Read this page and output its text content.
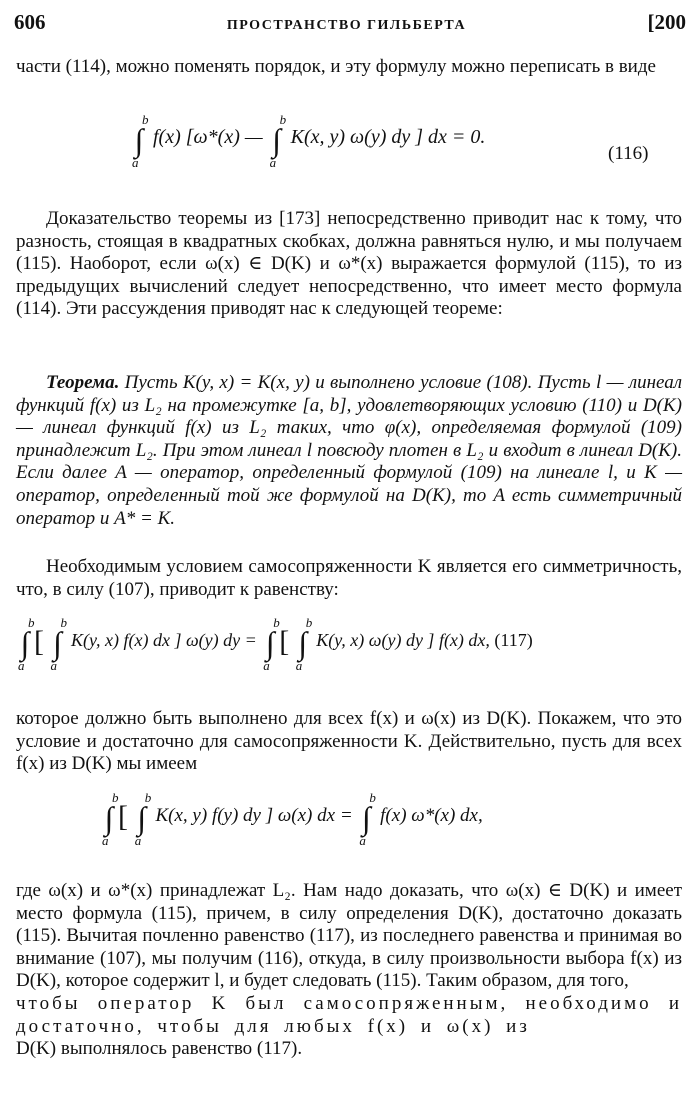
606	ПРОСТРАНСТВО ГИЛЬБЕРТА	[200

части (114), можно поменять порядок, и эту формулу можно переписать в виде

∫
b
a
f(x) [ω*(x) — ∫
b
a
K(x, y) ω(y) dy ] dx = 0.
(116)

Доказательство теоремы из [173] непосредственно приводит нас к тому, что разность, стоящая в квадратных скобках, должна равняться нулю, и мы получаем (115). Наоборот, если ω(x) ∈ D(K) и ω*(x) выражается формулой (115), то из предыдущих вычислений следует непосредственно, что имеет место формула (114). Эти рассуждения приводят нас к следующей теореме:

Теорема. Пусть K(y, x) = K(x, y) и выполнено условие (108). Пусть l — линеал функций f(x) из L₂ на промежутке [a, b], удовлетворяющих условию (110) и D(K) — линеал функций f(x) из L₂ таких, что φ(x), определяемая формулой (109) принадлежит L₂. При этом линеал l повсюду плотен в L₂ и входит в линеал D(K). Если далее A — оператор, определенный формулой (109) на линеале l, и K — оператор, определенный той же формулой на D(K), то A есть симметричный оператор и A* = K.

Необходимым условием самосопряженности K является его симметричность, что, в силу (107), приводит к равенству:

∫
b
a
[ ∫
b
a
K(y, x) f(x) dx ] ω(y) dy = ∫
b
a
[ ∫
b
a
K(y, x) ω(y) dy ] f(x) dx, (117)

которое должно быть выполнено для всех f(x) и ω(x) из D(K). Покажем, что это условие и достаточно для самосопряженности K. Действительно, пусть для всех f(x) из D(K) мы имеем

∫
b
a
[ ∫
b
a
K(x, y) f(y) dy ] ω(x) dx = ∫
b
a
f(x) ω*(x) dx,

где ω(x) и ω*(x) принадлежат L₂. Нам надо доказать, что ω(x) ∈ D(K) и имеет место формула (115), причем, в силу определения D(K), достаточно доказать (115). Вычитая почленно равенство (117), из последнего равенства и принимая во внимание (107), мы получим (116), откуда, в силу произвольности выбора f(x) из D(K), которое содержит l, и будет следовать (115). Таким образом, для того,

чтобы оператор K был самосопряженным, необходимо и достаточно, чтобы для любых f(x) и ω(x) из

D(K) выполнялось равенство (117).
